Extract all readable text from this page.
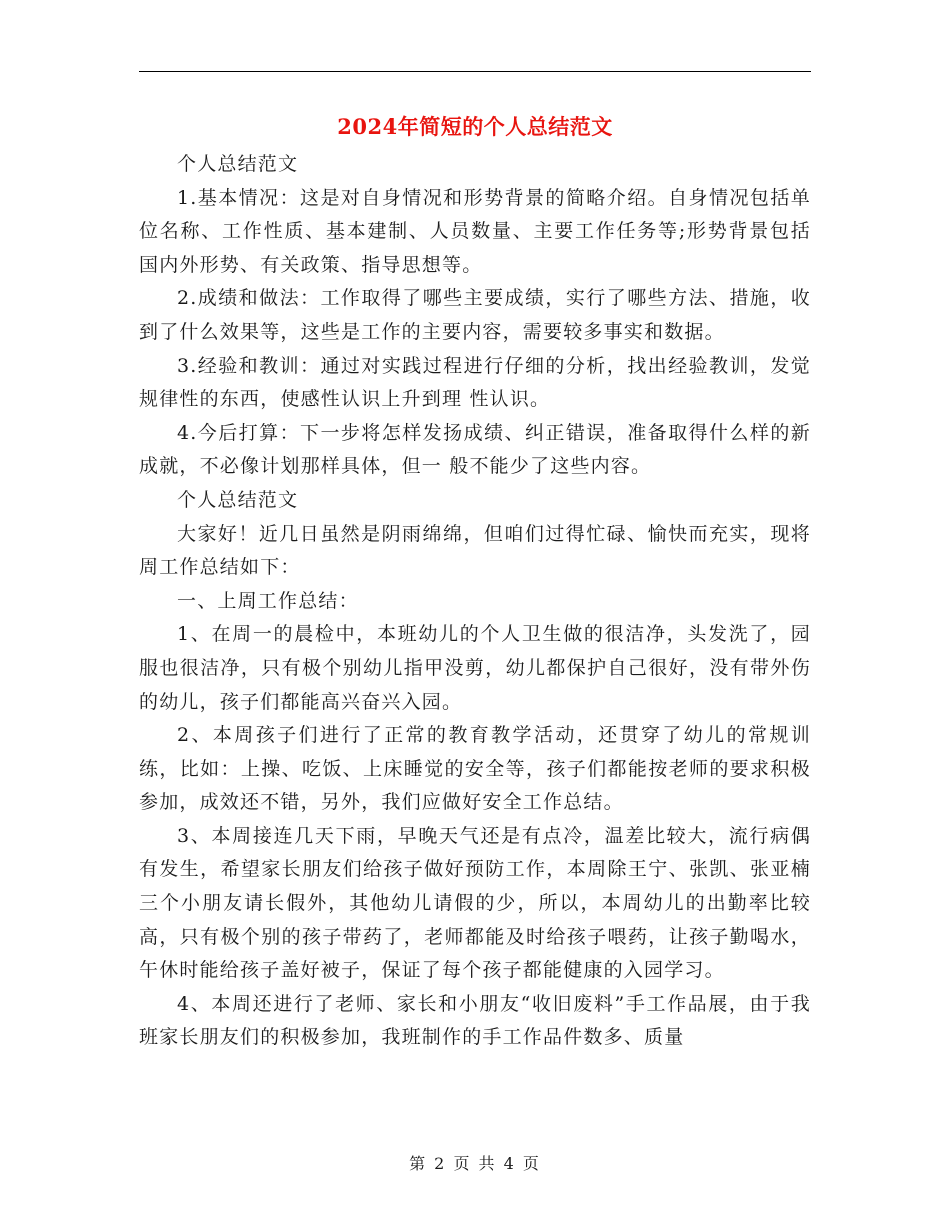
2024年简短的个人总结范文

个人总结范文

1.基本情况：这是对自身情况和形势背景的简略介绍。自身情况包括单位名称、工作性质、基本建制、人员数量、主要工作任务等;形势背景包括国内外形势、有关政策、指导思想等。

2.成绩和做法：工作取得了哪些主要成绩，实行了哪些方法、措施，收到了什么效果等，这些是工作的主要内容，需要较多事实和数据。

3.经验和教训：通过对实践过程进行仔细的分析，找出经验教训，发觉规律性的东西，使感性认识上升到理 性认识。

4.今后打算：下一步将怎样发扬成绩、纠正错误，准备取得什么样的新成就，不必像计划那样具体，但一 般不能少了这些内容。

个人总结范文

大家好！近几日虽然是阴雨绵绵，但咱们过得忙碌、愉快而充实，现将周工作总结如下：

一、上周工作总结：

1、在周一的晨检中，本班幼儿的个人卫生做的很洁净，头发洗了，园服也很洁净，只有极个别幼儿指甲没剪，幼儿都保护自己很好，没有带外伤的幼儿，孩子们都能高兴奋兴入园。

2、本周孩子们进行了正常的教育教学活动，还贯穿了幼儿的常规训练，比如：上操、吃饭、上床睡觉的安全等，孩子们都能按老师的要求积极参加，成效还不错，另外，我们应做好安全工作总结。

3、本周接连几天下雨，早晚天气还是有点冷，温差比较大，流行病偶有发生，希望家长朋友们给孩子做好预防工作，本周除王宁、张凯、张亚楠三个小朋友请长假外，其他幼儿请假的少，所以，本周幼儿的出勤率比较高，只有极个别的孩子带药了，老师都能及时给孩子喂药，让孩子勤喝水，午休时能给孩子盖好被子，保证了每个孩子都能健康的入园学习。

4、本周还进行了老师、家长和小朋友“收旧废料”手工作品展，由于我班家长朋友们的积极参加，我班制作的手工作品件数多、质量

第 2 页 共 4 页
